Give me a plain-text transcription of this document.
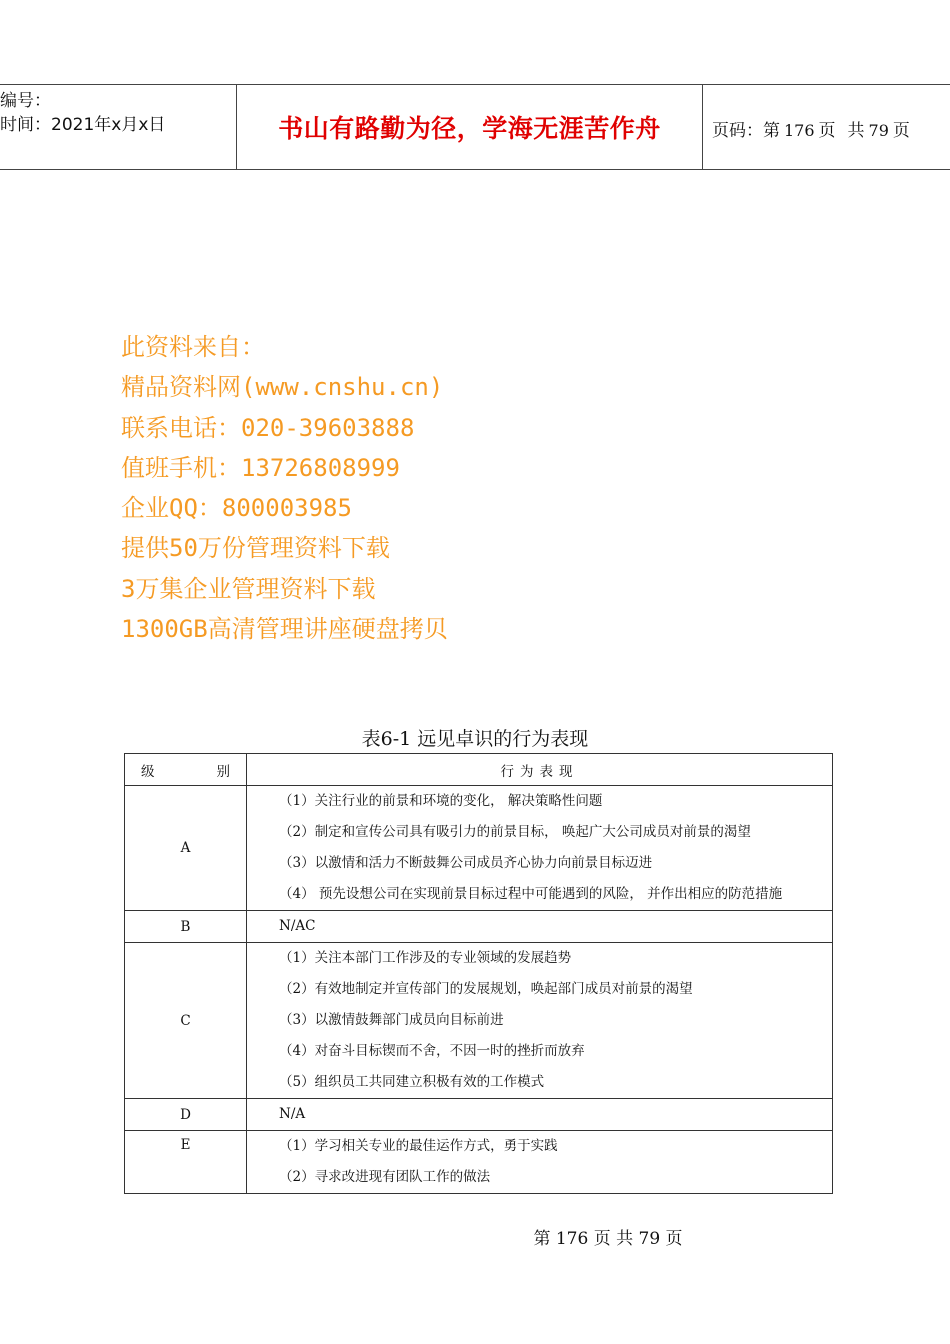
编号：
时间：2021年x月x日	书山有路勤为径，学海无涯苦作舟	页码：第 176 页 共 79 页
此资料来自：
精品资料网(www.cnshu.cn)
联系电话：020-39603888
值班手机：13726808999
企业QQ：800003985
提供50万份管理资料下载
3万集企业管理资料下载
1300GB高清管理讲座硬盘拷贝
表6-1 远见卓识的行为表现
级 别	行为表现
A	（1）关注行业的前景和环境的变化， 解决策略性问题
（2）制定和宣传公司具有吸引力的前景目标， 唤起广大公司成员对前景的渴望
（3）以激情和活力不断鼓舞公司成员齐心协力向前景目标迈进
（4） 预先设想公司在实现前景目标过程中可能遇到的风险， 并作出相应的防范措施

B	N/AC

C	（1）关注本部门工作涉及的专业领域的发展趋势
（2）有效地制定并宣传部门的发展规划，唤起部门成员对前景的渴望
（3）以激情鼓舞部门成员向目标前进
（4）对奋斗目标锲而不舍，不因一时的挫折而放弃
（5）组织员工共同建立积极有效的工作模式

D	N/A

E	（1）学习相关专业的最佳运作方式，勇于实践
（2）寻求改进现有团队工作的做法
第 176 页 共 79 页
